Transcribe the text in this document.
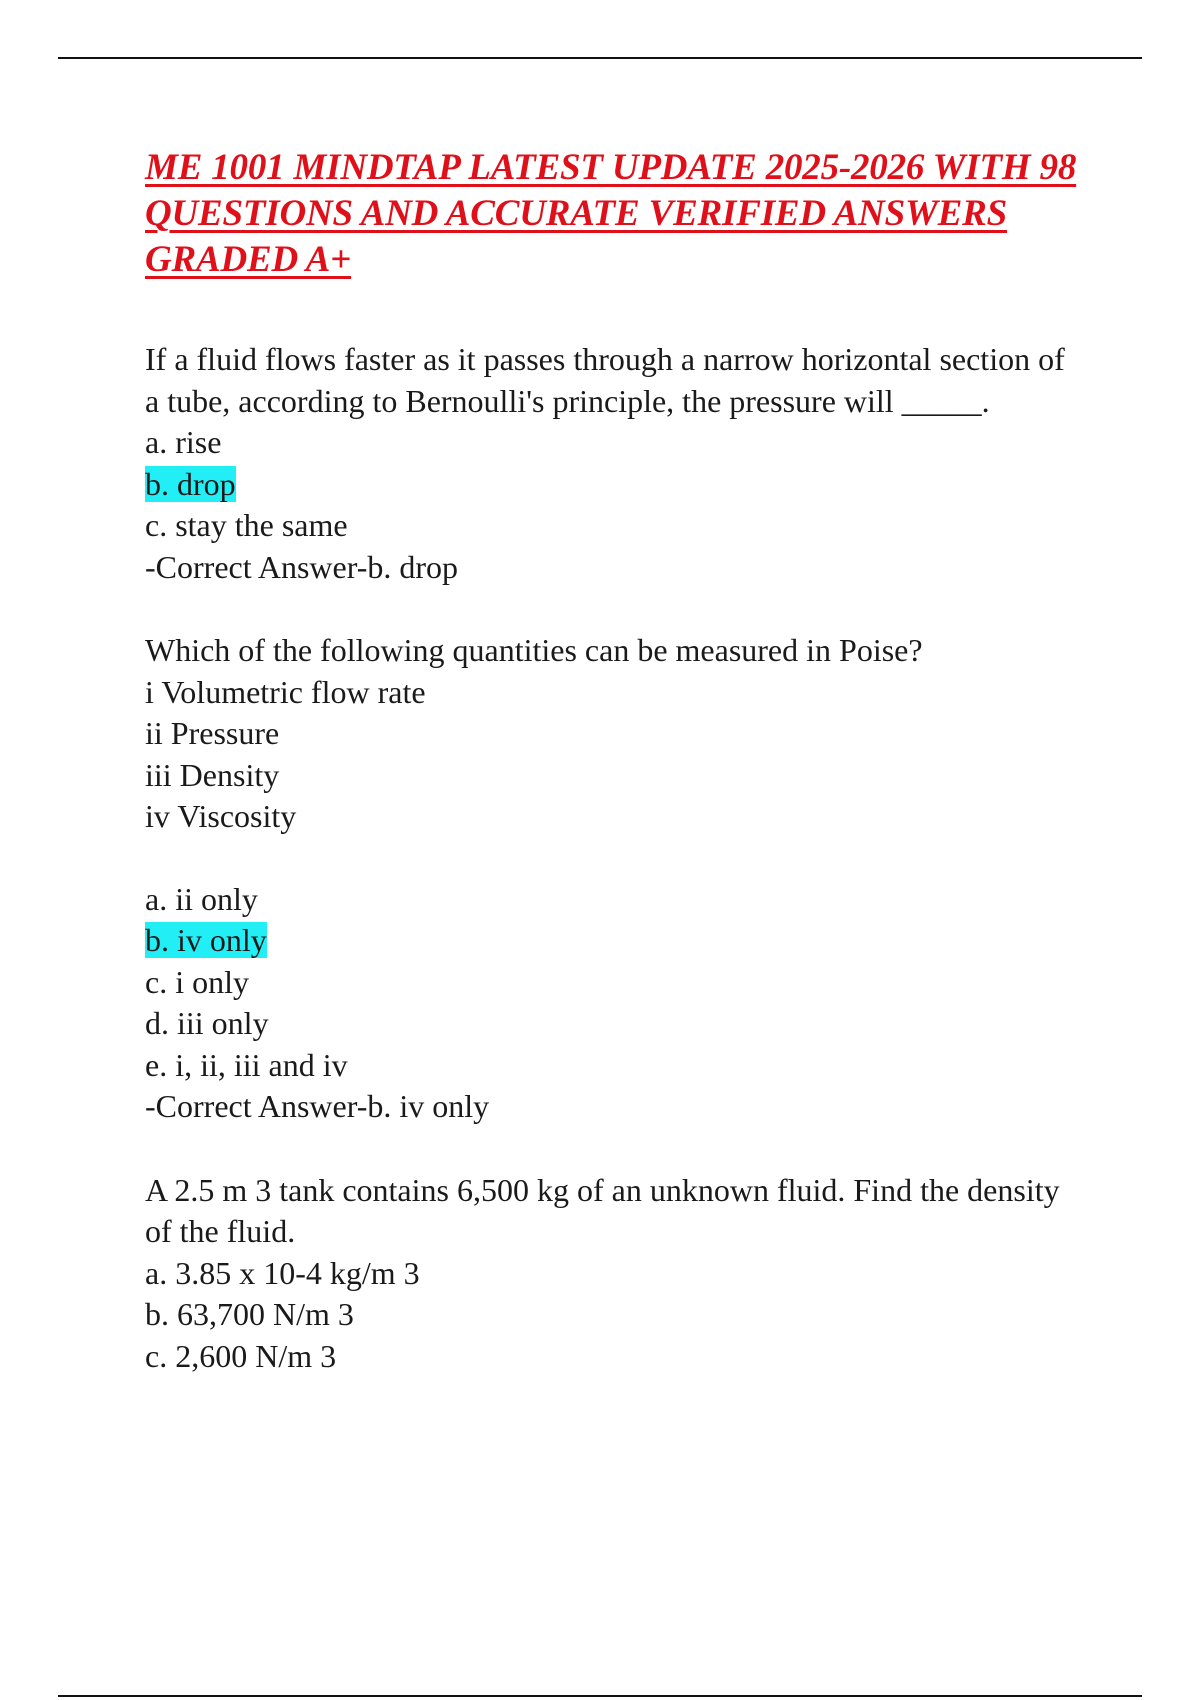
ME 1001 MINDTAP LATEST UPDATE 2025-2026 WITH 98 QUESTIONS AND ACCURATE VERIFIED ANSWERS GRADED A+

If a fluid flows faster as it passes through a narrow horizontal section of a tube, according to Bernoulli's principle, the pressure will _____.

a. rise

b. drop

c. stay the same

-Correct Answer-b. drop

Which of the following quantities can be measured in Poise?

i Volumetric flow rate

ii Pressure

iii Density

iv Viscosity

a. ii only

b. iv only

c. i only

d. iii only

e. i, ii, iii and iv

-Correct Answer-b. iv only

A 2.5 m 3 tank contains 6,500 kg of an unknown fluid. Find the density of the fluid.

a. 3.85 x 10-4 kg/m 3

b. 63,700 N/m 3

c. 2,600 N/m 3
